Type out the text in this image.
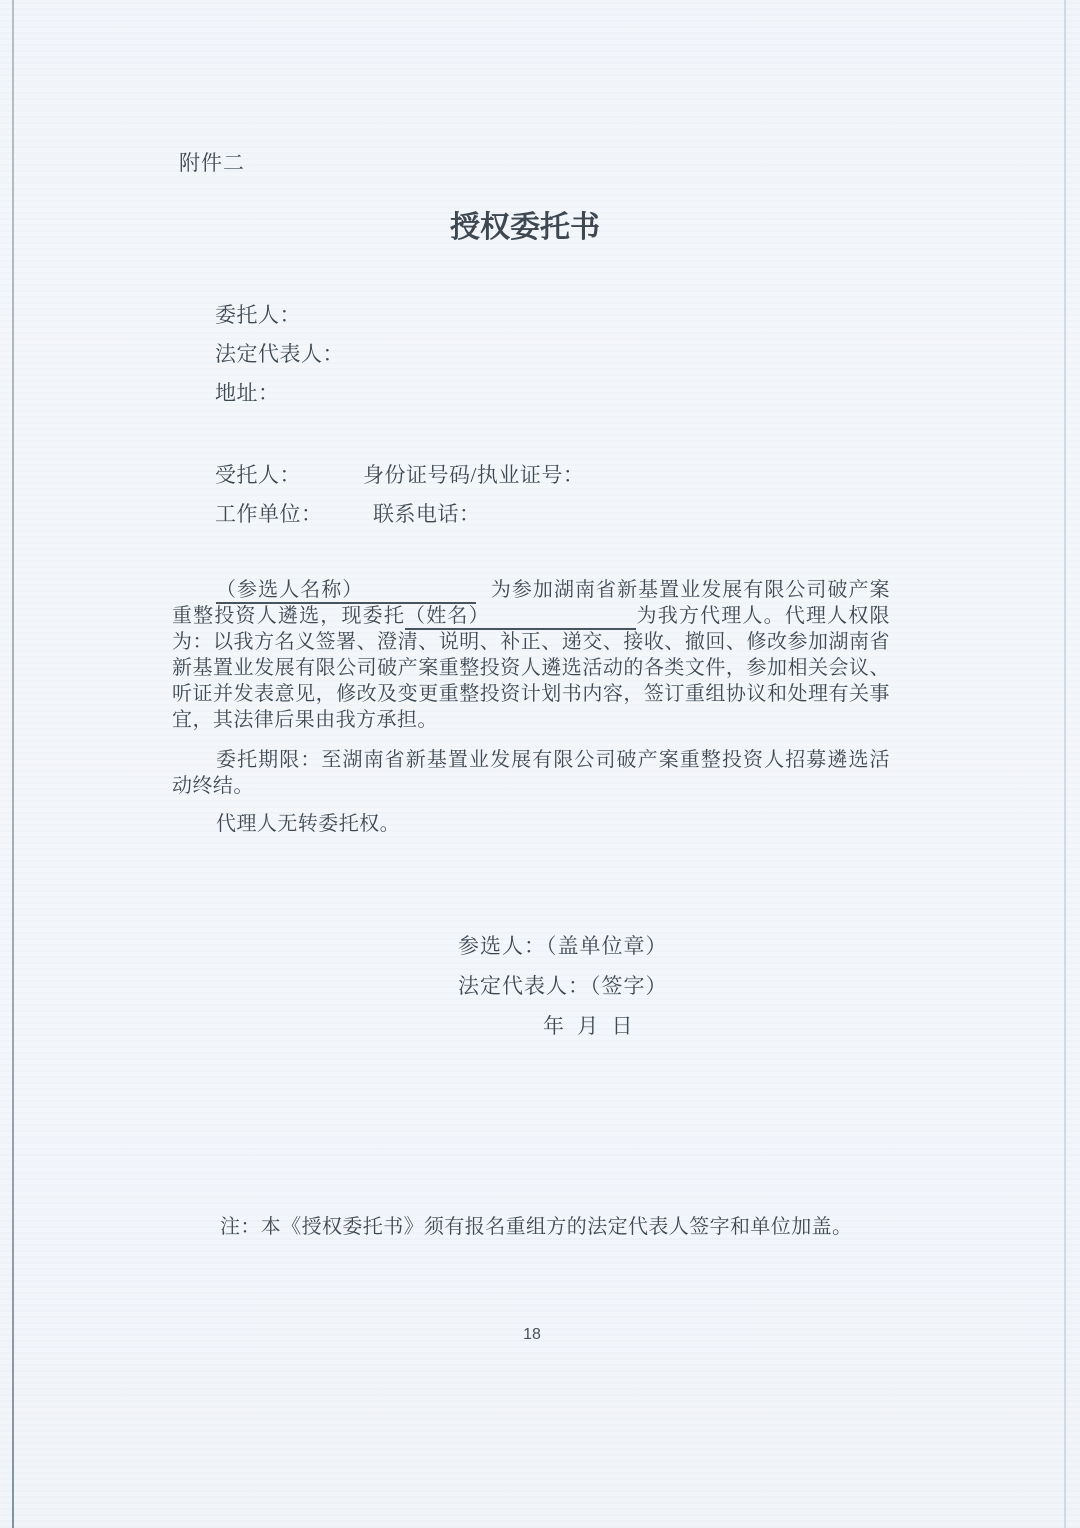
附件二
授权委托书
委托人：
法定代表人：
地址：
受托人：	身份证号码/执业证号：
工作单位： 联系电话：

（参选人名称）	为参加湖南省新基置业发展有限公司破产案重整投资人遴选，现委托（姓名）	为我方代理人。代理人权限为：以我方名义签署、澄清、说明、补正、递交、接收、撤回、修改参加湖南省新基置业发展有限公司破产案重整投资人遴选活动的各类文件，参加相关会议、听证并发表意见，修改及变更重整投资计划书内容，签订重组协议和处理有关事宜，其法律后果由我方承担。

委托期限：至湖南省新基置业发展有限公司破产案重整投资人招募遴选活动终结。

代理人无转委托权。

参选人：（盖单位章）
法定代表人：（签字）
年 月 日
注：本《授权委托书》须有报名重组方的法定代表人签字和单位加盖。
18
